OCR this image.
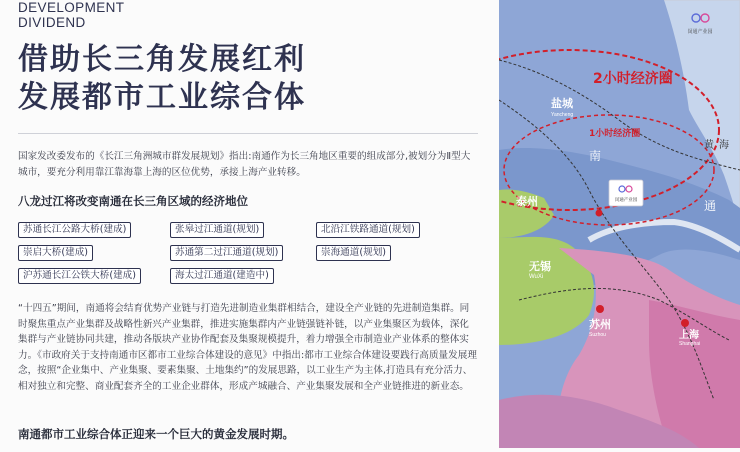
DEVELOPMENT
DIVIDEND
借助长三角发展红利
发展都市工业综合体
国家发改委发布的《长江三角洲城市群发展规划》指出:南通作为长三角地区重要的组成部分,被划分为Ⅱ型大城市，要充分利用靠江靠海靠上海的区位优势，承接上海产业转移。
八龙过江将改变南通在长三角区域的经济地位
苏通长江公路大桥(建成)	张皋过江通道(规划)	北沿江铁路通道(规划)
崇启大桥(建成)	苏通第二过江通道(规划)	崇海通道(规划)
沪苏通长江公铁大桥(建成)	海太过江通道(建造中)
“十四五”期间，南通将会结育优势产业链与打造先进制造业集群相结合，建设全产业链的先进制造集群。同时聚焦重点产业集群及战略性新兴产业集群，推进实施集群内产业链强链补链，以产业集聚区为载体，深化集群与产业链协同共建，推动各版块产业协作配套及集聚规模提升，着力增强全市制造业产业体系的整体实力。《市政府关于支持南通市区都市工业综合体建设的意见》中指出:都市工业综合体建设要践行高质量发展理念，按照“企业集中、产业集聚、要素集聚、土地集约”的发展思路，以工业生产为主体,打造具有充分活力、相对独立和完整、商业配套齐全的工业企业群体，形成产城融合、产业集聚发展和全产业链推进的新业态。
南通都市工业综合体正迎来一个巨大的黄金发展时期。
2小时经济圈
1小时经济圈
盐城
Yancheng
南
通
黄 海
泰州
无锡
WuXi
苏州
Suzhou	上海
Shanghai
闵通产业园
闵通产业园
